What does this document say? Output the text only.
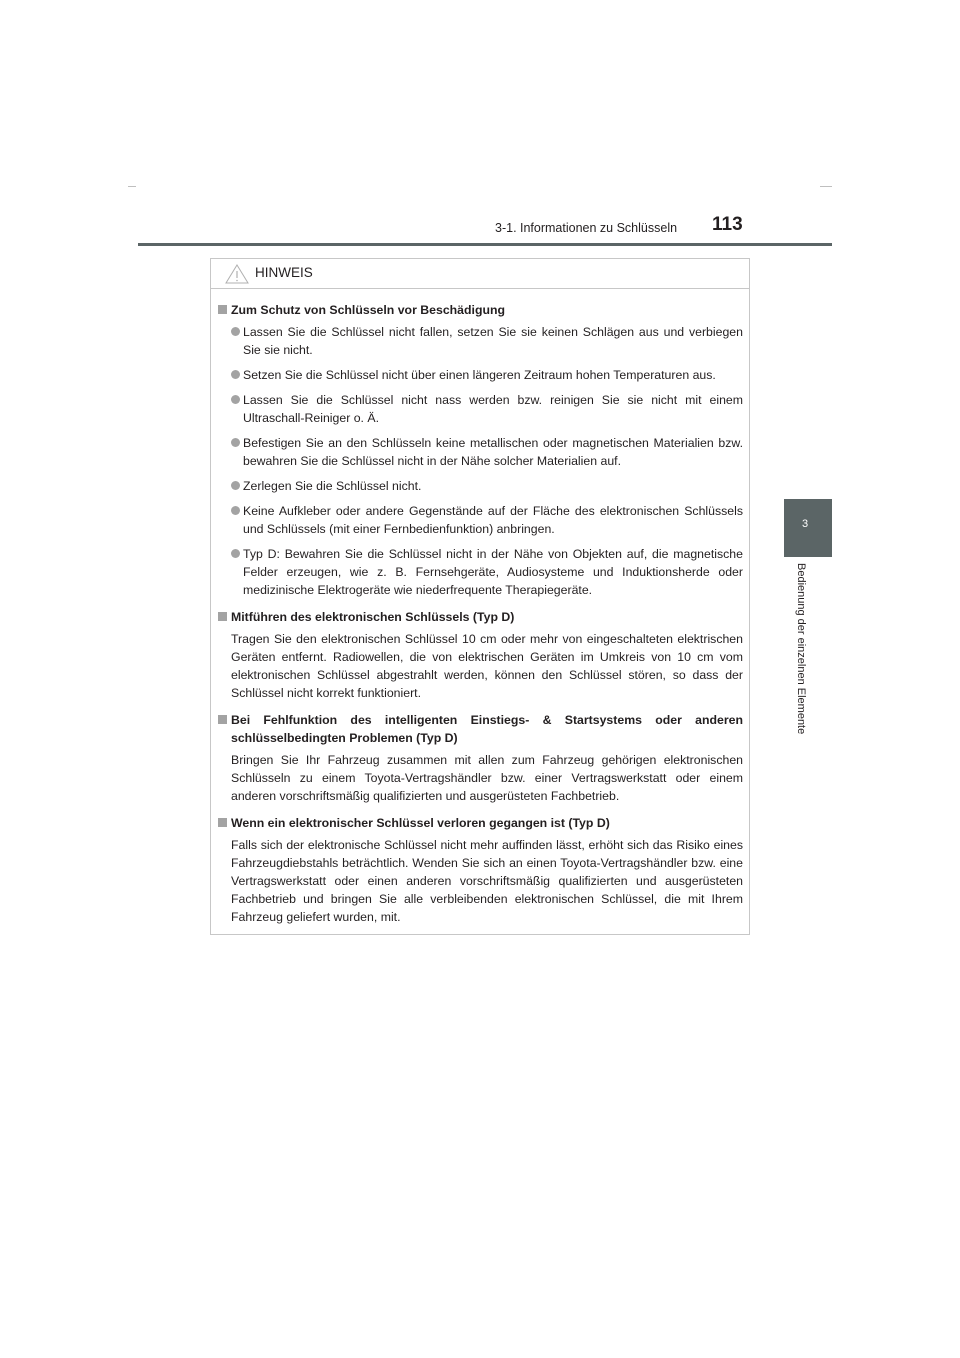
3-1. Informationen zu Schlüsseln 113
3
Bedienung der einzelnen Elemente
HINWEIS
Zum Schutz von Schlüsseln vor Beschädigung
Lassen Sie die Schlüssel nicht fallen, setzen Sie sie keinen Schlägen aus und verbiegen Sie sie nicht.
Setzen Sie die Schlüssel nicht über einen längeren Zeitraum hohen Temperaturen aus.
Lassen Sie die Schlüssel nicht nass werden bzw. reinigen Sie sie nicht mit einem Ultraschall-Reiniger o. Ä.
Befestigen Sie an den Schlüsseln keine metallischen oder magnetischen Materialien bzw. bewahren Sie die Schlüssel nicht in der Nähe solcher Materialien auf.
Zerlegen Sie die Schlüssel nicht.
Keine Aufkleber oder andere Gegenstände auf der Fläche des elektronischen Schlüssels und Schlüssels (mit einer Fernbedienfunktion) anbringen.
Typ D: Bewahren Sie die Schlüssel nicht in der Nähe von Objekten auf, die magnetische Felder erzeugen, wie z. B. Fernsehgeräte, Audiosysteme und Induktionsherde oder medizinische Elektrogeräte wie niederfrequente Therapiegeräte.
Mitführen des elektronischen Schlüssels (Typ D)
Tragen Sie den elektronischen Schlüssel 10 cm oder mehr von eingeschalteten elektrischen Geräten entfernt. Radiowellen, die von elektrischen Geräten im Umkreis von 10 cm vom elektronischen Schlüssel abgestrahlt werden, können den Schlüssel stören, so dass der Schlüssel nicht korrekt funktioniert.
Bei Fehlfunktion des intelligenten Einstiegs- & Startsystems oder anderen schlüsselbedingten Problemen (Typ D)
Bringen Sie Ihr Fahrzeug zusammen mit allen zum Fahrzeug gehörigen elektronischen Schlüsseln zu einem Toyota-Vertragshändler bzw. einer Vertragswerkstatt oder einem anderen vorschriftsmäßig qualifizierten und ausgerüsteten Fachbetrieb.
Wenn ein elektronischer Schlüssel verloren gegangen ist (Typ D)
Falls sich der elektronische Schlüssel nicht mehr auffinden lässt, erhöht sich das Risiko eines Fahrzeugdiebstahls beträchtlich. Wenden Sie sich an einen Toyota-Vertragshändler bzw. eine Vertragswerkstatt oder einen anderen vorschriftsmäßig qualifizierten und ausgerüsteten Fachbetrieb und bringen Sie alle verbleibenden elektronischen Schlüssel, die mit Ihrem Fahrzeug geliefert wurden, mit.
